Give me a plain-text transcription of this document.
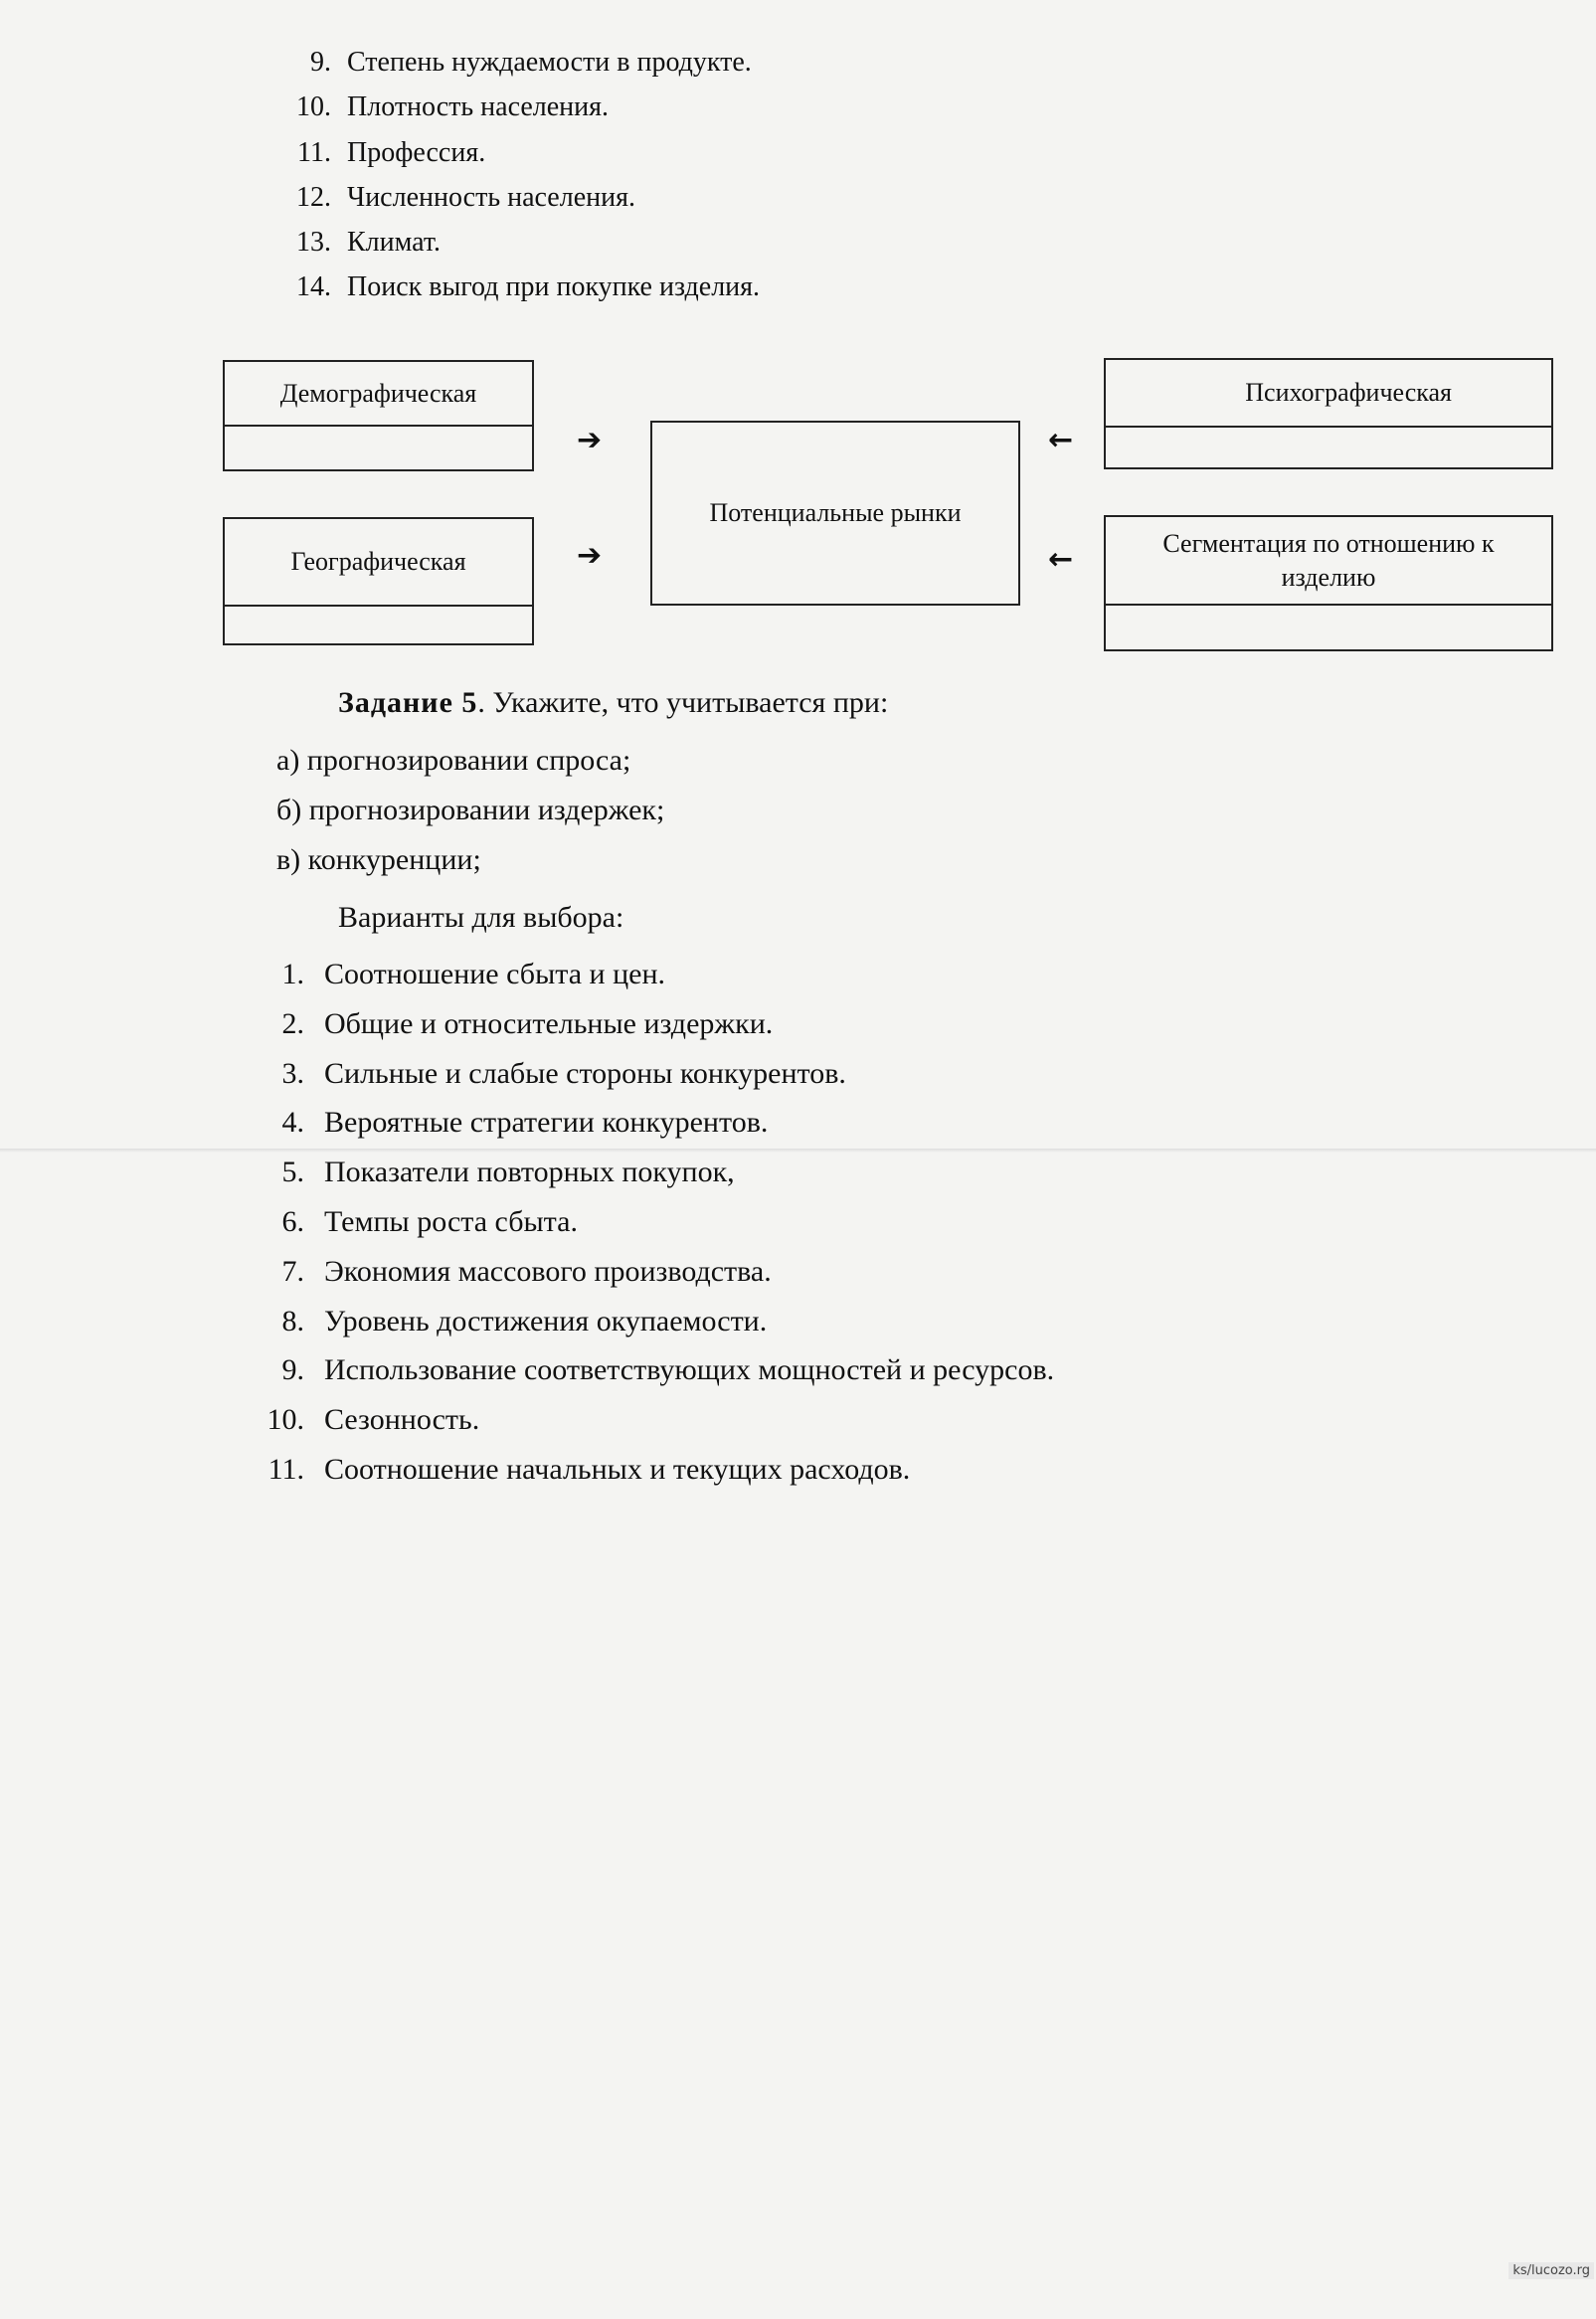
9. Степень нуждаемости в продукте.
10. Плотность населения.
11. Профессия.
12. Численность населения.
13. Климат.
14. Поиск выгод при покупке изделия.
Демографическая
Географическая
Потенциальные рынки
Психографическая
Сегментация по отношению к изделию
➔
➔
←
←
Задание 5. Укажите, что учитывается при:
а) прогнозировании спроса;
б) прогнозировании издержек;
в) конкуренции;
Варианты для выбора:
1. Соотношение сбыта и цен.
2. Общие и относительные издержки.
3. Сильные и слабые стороны конкурентов.
4. Вероятные стратегии конкурентов.
5. Показатели повторных покупок,
6. Темпы роста сбыта.
7. Экономия массового производства.
8. Уровень достижения окупаемости.
9. Использование соответствующих мощностей и ресурсов.
10. Сезонность.
11. Соотношение начальных и текущих расходов.
ks/lucozo.rg
